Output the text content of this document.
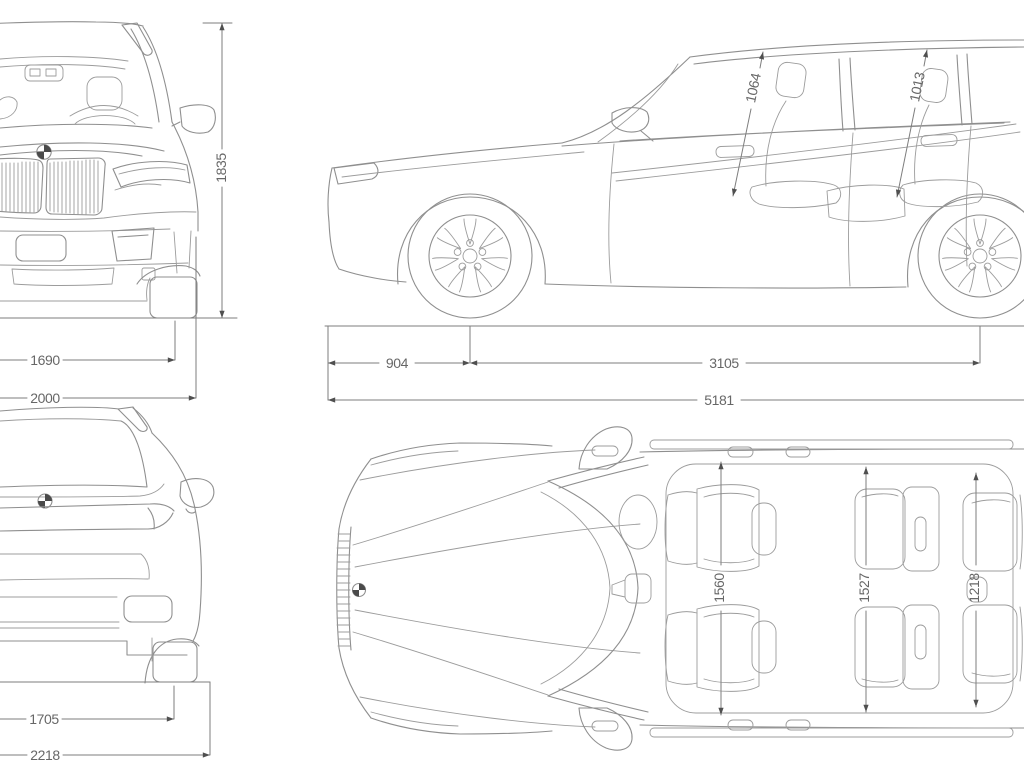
1835
1690
2000
1705
2218
1064	1013
904	3105
5181
1560	1527	1218
